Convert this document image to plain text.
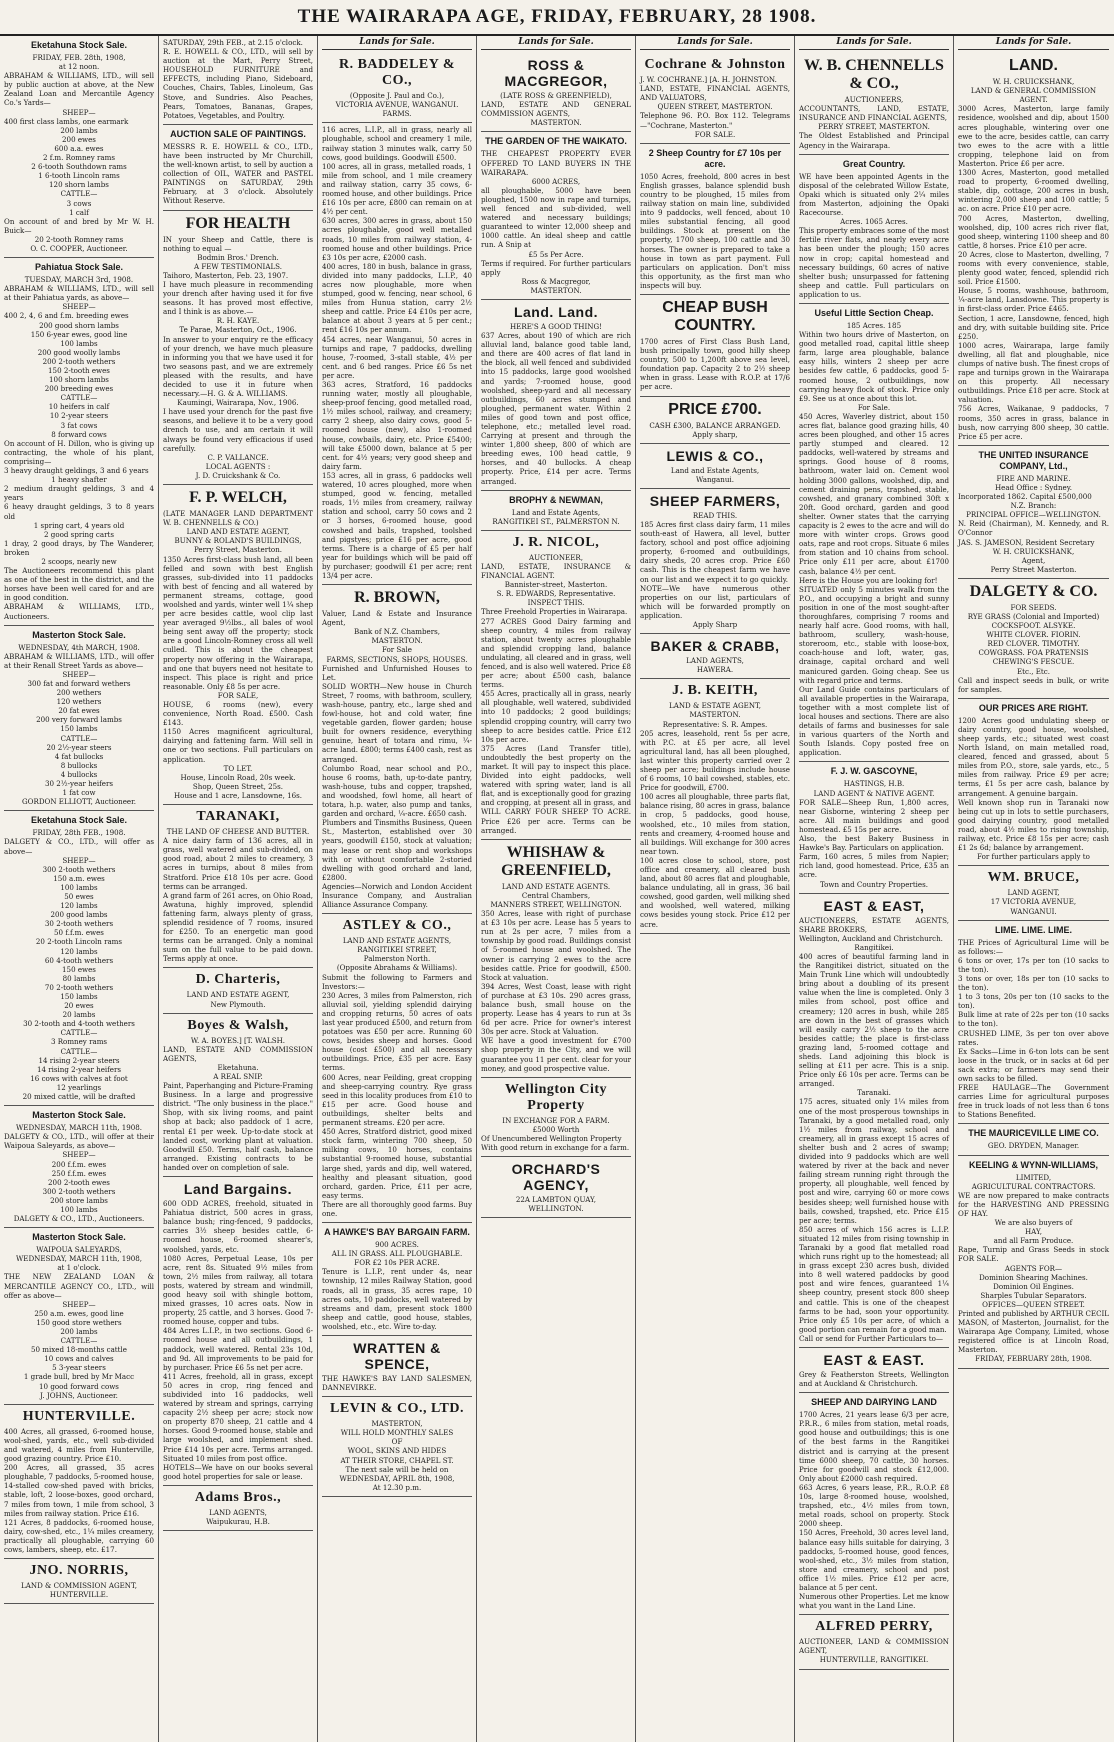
THE WAIRARAPA AGE, FRIDAY, FEBRUARY, 28 1908.
Eketahuna Stock Sale.

FRIDAY, FEB. 28th, 1908,

at 12 noon.

ABRAHAM & WILLIAMS, LTD., will sell by public auction at above, at the New Zealand Loan and Mercantile Agency Co.'s Yards—

SHEEP—

400 first class lambs, one earmark

200 lambs

200 ewes

600 a.a. ewes

2 f.m. Romney rams

2 6-tooth Southdown rams

1 6-tooth Lincoln rams

120 shorn lambs

CATTLE—

3 cows

1 calf

On account of and bred by Mr W. H. Buick—

20 2-tooth Romney rams

O. C. COOPER, Auctioneer.

Pahiatua Stock Sale.

TUESDAY, MARCH 3rd, 1908.

ABRAHAM & WILLIAMS, LTD., will sell at their Pahiatua yards, as above—

SHEEP—

400 2, 4, 6 and f.m. breeding ewes

200 good shorn lambs

150 6-year ewes, good line

100 lambs

200 good woolly lambs

200 2-tooth wethers

150 2-tooth ewes

100 shorn lambs

200 breeding ewes

CATTLE—

10 heifers in calf

10 2-year steers

3 fat cows

8 forward cows

On account of H. Dillon, who is giving up contracting, the whole of his plant, comprising—

3 heavy draught geldings, 3 and 6 years

1 heavy shafter

2 medium draught geldings, 3 and 4 years

6 heavy draught geldings, 3 to 8 years old

1 spring cart, 4 years old

2 good spring carts

1 dray, 2 good drays, by The Wanderer, broken

2 scoops, nearly new

The Auctioneers recommend this plant as one of the best in the district, and the horses have been well cared for and are in good condition.

ABRAHAM & WILLIAMS, LTD., Auctioneers.

Masterton Stock Sale.

WEDNESDAY, 4th MARCH, 1908.

ABRAHAM & WILLIAMS, LTD., will offer at their Renall Street Yards as above—

SHEEP—

300 fat and forward wethers

200 wethers

120 wethers

20 fat ewes

200 very forward lambs

150 lambs

CATTLE—

20 2½-year steers

4 fat bullocks

8 bullocks

4 bullocks

30 2½-year heifers

1 fat cow

GORDON ELLIOTT, Auctioneer.

Eketahuna Stock Sale.

FRIDAY, 28th FEB., 1908.

DALGETY & CO., LTD., will offer as above—

SHEEP—

300 2-tooth wethers

150 a.m. ewes

100 lambs

50 ewes

120 lambs

200 good lambs

30 2-tooth wethers

50 f.f.m. ewes

20 2-tooth Lincoln rams

120 lambs

60 4-tooth wethers

150 ewes

80 lambs

70 2-tooth wethers

150 lambs

20 ewes

20 lambs

30 2-tooth and 4-tooth wethers

CATTLE—

3 Romney rams

CATTLE—

14 rising 2-year steers

14 rising 2-year heifers

16 cows with calves at foot

12 yearlings

20 mixed cattle, will be drafted

Masterton Stock Sale.

WEDNESDAY, MARCH 11th, 1908.

DALGETY & CO., LTD., will offer at their Waipoua Saleyards, as above—

SHEEP—

200 f.f.m. ewes

250 f.f.m. ewes

200 2-tooth ewes

300 2-tooth wethers

200 store lambs

100 lambs

DALGETY & CO., LTD., Auctioneers.

Masterton Stock Sale.

WAIPOUA SALEYARDS,

WEDNESDAY, MARCH 11th, 1908,

at 1 o'clock.

THE NEW ZEALAND LOAN & MERCANTILE AGENCY CO., LTD., will offer as above—

SHEEP—

250 a.m. ewes, good line

150 good store wethers

200 lambs

CATTLE—

50 mixed 18-months cattle

10 cows and calves

5 3-year steers

1 grade bull, bred by Mr Macc

10 good forward cows

J. JOHNS, Auctioneer.

HUNTERVILLE.

400 Acres, all grassed, 6-roomed house, wool-shed, yards, etc., well sub-divided and watered, 4 miles from Hunterville, good grazing country. Price £10.

200 Acres, all grassed, 35 acres ploughable, 7 paddocks, 5-roomed house, 14-stalled cow-shed paved with bricks, stable, loft, 2 loose-boxes, good orchard, 7 miles from town, 1 mile from school, 3 miles from railway station. Price £16.

121 Acres, 8 paddocks, 6-roomed house, dairy, cow-shed, etc., 1¼ miles creamery, practically all ploughable, carrying 60 cows, lambers, sheep, etc. £17.

JNO. NORRIS,

LAND & COMMISSION AGENT,

HUNTERVILLE.

SATURDAY, 29th FEB., at 2.15 o'clock.

R. E. HOWELL & CO., LTD., will sell by auction at the Mart, Perry Street, HOUSEHOLD FURNITURE and EFFECTS, including Piano, Sideboard, Couches, Chairs, Tables, Linoleum, Gas Stove, and Sundries. Also Peaches, Pears, Tomatoes, Bananas, Grapes, Potatoes, Vegetables, and Poultry.

AUCTION SALE OF PAINTINGS.

MESSRS R. E. HOWELL & CO., LTD., have been instructed by Mr Churchill, the well-known artist, to sell by auction a collection of OIL, WATER and PASTEL PAINTINGS on SATURDAY, 29th February, at 3 o'clock. Absolutely Without Reserve.

FOR HEALTH

IN your Sheep and Cattle, there is nothing to equal —

Bodmin Bros.' Drench.

A FEW TESTIMONIALS.

Taihoro, Masterton, Feb. 23, 1907.

I have much pleasure in recommending your drench after having used it for five seasons. It has proved most effective, and I think is as above.—

R. H. KAYE.

Te Parae, Masterton, Oct., 1906.

In answer to your enquiry re the efficacy of your drench, we have much pleasure in informing you that we have used it for two seasons past, and we are extremely pleased with the results, and have decided to use it in future when necessary.—H. G. & A. WILLIAMS.

Kaumingi, Wairarapa, Nov., 1906.

I have used your drench for the past five seasons, and believe it to be a very good drench to use, and am certain it will always be found very efficacious if used carefully.

C. P. VALLANCE.

LOCAL AGENTS :

J. D. Cruickshank & Co.

F. P. WELCH,

(LATE MANAGER LAND DEPARTMENT W. B. CHENNELLS & CO.)

LAND AND ESTATE AGENT,

BUNNY & ROLAND'S BUILDINGS,

Perry Street, Masterton.

1350 Acres first-class bush land, all been felled and sown with best English grasses, sub-divided into 11 paddocks with best of fencing and all watered by permanent streams, cottage, good woolshed and yards, winter well 1¼ shep per acre besides cattle, wool clip last year averaged 9½lbs., all bales of wool being sent away off the property; stock are a good Lincoln-Romney cross all well culled. This is about the cheapest property now offering in the Wairarapa, and one that buyers need not hesitate to inspect. This place is right and price reasonable. Only £8 5s per acre.

FOR SALE,

HOUSE, 6 rooms (new), every convenience, North Road. £500. Cash £143.

1150 Acres magnificent agricultural, dairying and fattening farm. Will sell in one or two sections. Full particulars on application.

TO LET.

House, Lincoln Road, 20s week.

Shop, Queen Street, 25s.

House and 1 acre, Lansdowne, 16s.

TARANAKI,

THE LAND OF CHEESE AND BUTTER.

A nice dairy farm of 136 acres, all in grass, well watered and sub-divided, on good road, about 2 miles to creamery, 3 acres in turnips, about 8 miles from Stratford. Price £18 10s per acre. Good terms can be arranged.

A grand farm of 261 acres, on Ohio Road, Awatuna, highly improved, splendid fattening farm, always plenty of grass, splendid residence of 7 rooms, insured for £250. To an energetic man good terms can be arranged. Only a nominal sum on the full value to be paid down. Terms apply at once.

D. Charteris,

LAND AND ESTATE AGENT,

New Plymouth.

Boyes & Walsh,

W. A. BOYES.] [T. WALSH.

LAND, ESTATE AND COMMISSION AGENTS,

Eketahuna.

A REAL SNIP.

Paint, Paperhanging and Picture-Framing Business. In a large and progressive district. "The only business in the place." Shop, with six living rooms, and paint shop at back; also paddock of 1 acre, rental £1 per week. Up-to-date stock at landed cost, working plant at valuation. Goodwill £50. Terms, half cash, balance arranged. Existing contracts to be handed over on completion of sale.

Land Bargains.

600 ODD ACRES, freehold, situated in Pahiatua district, 500 acres in grass, balance bush; ring-fenced, 9 paddocks, carries 3½ sheep besides cattle, 6-roomed house, 6-roomed shearer's, woolshed, yards, etc.

1080 Acres, Perpetual Lease, 10s per acre, rent 8s. Situated 9½ miles from town, 2½ miles from railway, all totara posts, watered by stream and windmill, good heavy soil with shingle bottom, mixed grasses, 10 acres oats. Now in property, 25 cattle, and 3 horses. Good 7-roomed house, copper and tubs.

484 Acres L.I.P., in two sections. Good 6-roomed house and all outbuildings, 1 paddock, well watered. Rental 23s 10d, and 9d. All improvements to be paid for by purchaser. Price £6 5s net per acre.

411 Acres, freehold, all in grass, except 50 acres in crop, ring fenced and subdivided into 16 paddocks, well watered by stream and springs, carrying capacity 2½ sheep per acre; stock now on property 870 sheep, 21 cattle and 4 horses. Good 9-roomed house, stable and large woolshed, and implement shed. Price £14 10s per acre. Terms arranged. Situated 10 miles from post office.

HOTELS—We have on our books several good hotel properties for sale or lease.

Adams Bros.,

LAND AGENTS,

Waipukurau, H.B.

Lands for Sale.
R. BADDELEY & CO.,

(Opposite J. Paul and Co.),

VICTORIA AVENUE, WANGANUI.

FARMS.

116 acres, L.I.P., all in grass, nearly all ploughable, school and creamery 1 mile, railway station 3 minutes walk, carry 50 cows, good buildings. Goodwill £500.

100 acres, all in grass, metalled roads, 1 mile from school, and 1 mile creamery and railway station, carry 35 cows, 6-roomed house, and other buildings. Price £16 10s per acre, £800 can remain on at 4½ per cent.

630 acres, 300 acres in grass, about 150 acres ploughable, good well metalled roads, 10 miles from railway station, 4-roomed house and other buildings. Price £3 10s per acre, £2000 cash.

400 acres, 180 in bush, balance in grass, divided into many paddocks, L.I.P., 40 acres now ploughable, more when stumped, good w. fencing, near school, 6 miles from Hunua station, carry 2½ sheep and cattle. Price £4 £10s per acre, balance at about 3 years at 5 per cent.; rent £16 10s per annum.

454 acres, near Wanganui, 50 acres in turnips and rape, 7 paddocks, dwelling house, 7-roomed, 3-stall stable, 4½ per cent. and 6 bed ranges. Price £6 5s net per acre.

363 acres, Stratford, 16 paddocks running water, mostly all ploughable, sheep-proof fencing, good metalled road, 1½ miles school, railway, and creamery; carry 2 sheep, also dairy cows, good 5-roomed house (new), also 1-roomed house, cowbails, dairy, etc. Price £5400; will take £5000 down, balance at 5 per cent. for 4½ years; very good sheep and dairy farm.

153 acres, all in grass, 6 paddocks well watered, 10 acres ploughed, more when stumped, good w. fencing, metalled roads, 1½ miles from creamery, railway station and school, carry 50 cows and 2 or 3 horses, 6-roomed house, good cowshed and bails, trapshed, toolshed and pigstyes; price £16 per acre, good terms. There is a charge of £5 per half year for buildings which will be paid off by purchaser; goodwill £1 per acre; rent 13/4 per acre.

R. BROWN,

Valuer, Land & Estate and Insurance Agent,

Bank of N.Z. Chambers,

MASTERTON.

For Sale

FARMS, SECTIONS, SHOPS, HOUSES.

Furnished and Unfurnished Houses to Let.

SOLID WORTH—New house in Church Street, 7 rooms, with bathroom, scullery, wash-house, pantry, etc., large shed and fowl-house, hot and cold water, fine vegetable garden, flower garden; house built for owners residence, everything genuine, heart of totara and rimu, ¼-acre land. £800; terms £400 cash, rest as arranged.

Columbo Road, near school and P.O., house 6 rooms, bath, up-to-date pantry, wash-house, tubs and copper, trapshed, and woodshed, fowl home, all heart of totara, h.p. water, also pump and tanks, garden and orchard, ¼-acre. £650 cash.

Plumbers and Tinsmiths Business, Queen St., Masterton, established over 30 years, goodwill £150, stock at valuation; may lease or rent shop and workshops with or without comfortable 2-storied dwelling with good orchard and land, £2800.

Agencies—Norwich and London Accident Insurance Company, and Australian Alliance Assurance Company.

ASTLEY & CO.,

LAND AND ESTATE AGENTS,

RANGITIKEI STREET,

Palmerston North.

(Opposite Abrahams & Williams).

Submit the following to Farmers and Investors:—

230 Acres, 3 miles from Palmerston, rich alluvial soil, yielding splendid dairying and cropping returns, 50 acres of oats last year produced £500, and return from potatoes was £50 per acre. Running 60 cows, besides sheep and horses. Good house (cost £500) and all necessary outbuildings. Price, £35 per acre. Easy terms.

600 Acres, near Feilding, great cropping and sheep-carrying country. Rye grass seed in this locality produces from £10 to £15 per acre. Good house and outbuildings, shelter belts and permanent streams. £20 per acre.

450 Acres, Stratford district, good mixed stock farm, wintering 700 sheep, 50 milking cows, 10 horses, contains substantial 9-roomed house, substantial large shed, yards and dip, well watered, healthy and pleasant situation, good orchard, garden. Price, £11 per acre, easy terms.

There are all thoroughly good farms. Buy one.

A HAWKE'S BAY BARGAIN FARM.

900 ACRES.

ALL IN GRASS. ALL PLOUGHABLE.

FOR £2 10s PER ACRE.

Tenure is L.I.P., rent under 4s, near township, 12 miles Railway Station, good roads, all in grass, 35 acres rape, 10 acres oats, 10 paddocks, well watered by streams and dam, present stock 1800 sheep and cattle, good house, stables, woolshed, etc., etc. Wire to-day.

WRATTEN & SPENCE,

THE HAWKE'S BAY LAND SALESMEN, DANNEVIRKE.

LEVIN & CO., LTD.

MASTERTON,

WILL HOLD MONTHLY SALES

OF

WOOL, SKINS AND HIDES

AT THEIR STORE, CHAPEL ST.

The next sale will be held on

WEDNESDAY, APRIL 8th, 1908,

At 12.30 p.m.

Lands for Sale.
ROSS & MACGREGOR,

(LATE ROSS & GREENFIELD),

LAND, ESTATE AND GENERAL COMMISSION AGENTS,

MASTERTON.

THE GARDEN OF THE WAIKATO.

THE CHEAPEST PROPERTY EVER OFFERED TO LAND BUYERS IN THE WAIRARAPA.

6000 ACRES,

all ploughable, 5000 have been ploughed, 1500 now in rape and turnips, well fenced and sub-divided, well watered and necessary buildings; guaranteed to winter 12,000 sheep and 1000 cattle. An ideal sheep and cattle run. A Snip at

£5 5s Per Acre.

Terms if required. For further particulars apply

Ross & Macgregor,

MASTERTON.

Land. Land.

HERE'S A GOOD THING!

637 Acres, about 190 of which are rich alluvial land, balance good table land, and there are 400 acres of flat land in the block, all well fenced and subdivided into 15 paddocks, large good woolshed and yards; 7-roomed house, good woolshed, sheep-yard and all necessary outbuildings, 60 acres stumped and ploughed, permanent water. Within 2 miles of good town and post office, telephone, etc.; metalled level road. Carrying at present and through the winter 1,800 sheep, 800 of which are breeding ewes, 100 head cattle, 9 horses, and 40 bullocks. A cheap property. Price, £14 per acre. Terms arranged.

BROPHY & NEWMAN,

Land and Estate Agents,

RANGITIKEI ST., PALMERSTON N.

J. R. NICOL,

AUCTIONEER,

LAND, ESTATE, INSURANCE & FINANCIAL AGENT.

Bannister-street, Masterton.

S. R. EDWARDS, Representative.

INSPECT THIS.

Three Freehold Properties in Wairarapa.

277 ACRES Good Dairy farming and sheep country, 4 miles from railway station, about twenty acres ploughable and splendid cropping land, balance undulating, all cleared and in grass, well fenced, and is also well watered. Price £8 per acre; about £500 cash, balance terms.

455 Acres, practically all in grass, nearly all ploughable, well watered, subdivided into 10 paddocks; 2 good buildings; splendid cropping country, will carry two sheep to acre besides cattle. Price £12 10s per acre.

375 Acres (Land Transfer title), undoubtedly the best property on the market. It will pay to inspect this place. Divided into eight paddocks, well watered with spring water, land is all flat, and is exceptionally good for grazing and cropping, at present all in grass, and WILL CARRY FOUR SHEEP TO ACRE. Price £26 per acre. Terms can be arranged.

WHISHAW & GREENFIELD,

LAND AND ESTATE AGENTS.

Central Chambers,

MANNERS STREET, WELLINGTON.

350 Acres, lease with right of purchase at £3 10s per acre. Lease has 5 years to run at 2s per acre, 7 miles from a township by good road. Buildings consist of 5-roomed house and woolshed. The owner is carrying 2 ewes to the acre besides cattle. Price for goodwill, £500. Stock at valuation.

394 Acres, West Coast, lease with right of purchase at £3 10s. 290 acres grass, balance bush, small house on the property. Lease has 4 years to run at 3s 6d per acre. Price for owner's interest 30s per acre. Stock at Valuation.

WE have a good investment for £700 shop property in the City, and we will guarantee you 11 per cent. clear for your money, and good prospective value.

Wellington City Property

IN EXCHANGE FOR A FARM.

£5000 Worth

Of Unencumbered Wellington Property

With good return in exchange for a farm.

ORCHARD'S AGENCY,

22A LAMBTON QUAY,

WELLINGTON.

Lands for Sale.
Cochrane & Johnston

J. W. COCHRANE.] [A. H. JOHNSTON.

LAND, ESTATE, FINANCIAL AGENTS, AND VALUATORS,

QUEEN STREET, MASTERTON.

Telephone 96. P.O. Box 112. Telegrams—"Cochrane, Masterton."

FOR SALE.

2 Sheep Country for £7 10s per acre.

1050 Acres, freehold, 800 acres in best English grasses, balance splendid bush country to be ploughed, 15 miles from railway station on main line, subdivided into 9 paddocks, well fenced, about 10 miles substantial fencing, all good buildings. Stock at present on the property, 1700 sheep, 100 cattle and 30 horses. The owner is prepared to take a house in town as part payment. Full particulars on application. Don't miss this opportunity, as the first man who inspects will buy.

CHEAP BUSH COUNTRY.

1700 acres of First Class Bush Land, bush principally town, good hilly sheep country, 500 to 1,200ft above sea level, foundation pap. Capacity 2 to 2½ sheep when in grass. Lease with R.O.P. at 17/6 per acre.

PRICE £700.

CASH £300, BALANCE ARRANGED.

Apply sharp,

LEWIS & CO.,

Land and Estate Agents,

Wanganui.

SHEEP FARMERS,

READ THIS.

185 Acres first class dairy farm, 11 miles south-east of Hawera, all level, butter factory, school and post office adjoining property, 6-roomed and outbuildings, dairy sheds, 20 acres crop. Price £60 cash. This is the cheapest farm we have on our list and we expect it to go quickly.

NOTE—We have numerous other properties on our list, particulars of which will be forwarded promptly on application.

Apply Sharp

BAKER & CRABB,

LAND AGENTS,

HAWERA.

J. B. KEITH,

LAND & ESTATE AGENT,

MASTERTON.

Representative: S. R. Ampes.

205 acres, leasehold, rent 5s per acre, with P.C. at £5 per acre, all level agricultural land, has all been ploughed, last winter this property carried over 2 sheep per acre; buildings include house of 6 rooms, 10 bail cowshed, stables, etc. Price for goodwill, £700.

100 acres all ploughable, three parts flat, balance rising, 80 acres in grass, balance in crop, 5 paddocks, good house, woolshed, etc., 10 miles from station, rents and creamery, 4-roomed house and all buildings. Will exchange for 300 acres near town.

100 acres close to school, store, post office and creamery, all cleared bush land, about 80 acres flat and ploughable, balance undulating, all in grass, 36 bail cowshed, good garden, well milking shed and woolshed, well watered, milking cows besides young stock. Price £12 per acre.

Lands for Sale.
W. B. CHENNELLS & CO.,

AUCTIONEERS,

ACCOUNTANTS, LAND, ESTATE, INSURANCE AND FINANCIAL AGENTS,

PERRY STREET, MASTERTON.

The Oldest Established and Principal Agency in the Wairarapa.

Great Country.

WE have been appointed Agents in the disposal of the celebrated Willow Estate, Opaki which is situated only 2¼ miles from Masterton, adjoining the Opaki Racecourse.

Acres. 1065 Acres.

This property embraces some of the most fertile river flats, and nearly every acre has been under the plough; 150 acres now in crop; capital homestead and necessary buildings, 60 acres of native shelter bush; unsurpassed for fattening sheep and cattle. Full particulars on application to us.

Useful Little Section Cheap.

185 Acres. 185

Within two hours drive of Masterton, on good metalled road, capital little sheep farm, large area ploughable, balance easy hills, winters 2 sheep per acre besides few cattle, 6 paddocks, good 5-roomed house, 2 outbuildings, now carrying heavy flock of stock. Price only £9. See us at once about this lot.

For Sale.

450 Acres, Waverley district, about 150 acres flat, balance good grazing hills, 40 acres been ploughed, and other 15 acres partly stumped and cleared. 12 paddocks, well-watered by streams and springs. Good house of 8 rooms, bathroom, water laid on. Cement wool holding 3000 gallons, woolshed, dip, and cement draining pens, trapshed, stable, cowshed, and granary combined 30ft x 20ft. Good orchard, garden and good shelter. Owner states that the carrying capacity is 2 ewes to the acre and will do more with winter crops. Grows good oats, rape and root crops. Situate 6 miles from station and 10 chains from school. Price only £11 per acre, about £1700 cash, balance 4½ per cent.

Here is the House you are looking for!

SITUATED only 5 minutes walk from the P.O., and occupying a bright and sunny position in one of the most sought-after thoroughfares, comprising 7 rooms and nearly half acre. Good rooms, with hall, bathroom, scullery, wash-house, storeroom, etc., stable with loose-box, coach-house and loft, water, gas, drainage, capital orchard and well manicured garden. Going cheap. See us with regard price and terms.

Our Land Guide contains particulars of all available properties in the Wairarapa, together with a most complete list of local houses and sections. There are also details of farms and businesses for sale in various quarters of the North and South Islands. Copy posted free on application.

F. J. W. GASCOYNE,

HASTINGS, H.B.

LAND AGENT & NATIVE AGENT.

FOR SALE—Sheep Run, 1,800 acres, near Gisborne, wintering 2 sheep per acre. All main buildings and good homestead. £5 15s per acre.

Also, the best Bakery Business in Hawke's Bay. Particulars on application.

Farm, 160 acres, 5 miles from Napier; rich land, good homestead. Price, £35 an acre.

Town and Country Properties.

EAST & EAST,

AUCTIONEERS, ESTATE AGENTS, SHARE BROKERS,

Wellington, Auckland and Christchurch.

Rangitikei.

400 acres of beautiful farming land in the Rangitikei district, situated on the Main Trunk Line which will undoubtedly bring about a doubling of its present value when the line is completed. Only 3 miles from school, post office and creamery; 120 acres in bush, while 285 are down in the best of grasses which will easily carry 2½ sheep to the acre besides cattle; the place is first-class grazing land, 5-roomed cottage and sheds. Land adjoining this block is selling at £11 per acre. This is a snip. Price only £6 10s per acre. Terms can be arranged.

Taranaki.

175 acres, situated only 1¼ miles from one of the most prosperous townships in Taranaki, by a good metalled road, only 1½ miles from railway, school and creamery, all in grass except 15 acres of shelter bush and 2 acres of swamp; divided into 9 paddocks which are well watered by river at the back and never failing stream running right through the property, all ploughable, well fenced by post and wire, carrying 60 or more cows besides sheep; well furnished house with bails, cowshed, trapshed, etc. Price £15 per acre; terms.

850 acres of which 156 acres is L.I.P. situated 12 miles from rising township in Taranaki by a good flat metalled road which runs right up to the homestead; all in grass except 230 acres bush, divided into 8 well watered paddocks by good post and wire fences, guaranteed 1¼ sheep country, present stock 800 sheep and cattle. This is one of the cheapest farms to be had, soon your opportunity. Price only £5 10s per acre, of which a good portion can remain for a good man.

Call or send for Further Particulars to—

EAST & EAST.

Grey & Featherston Streets, Wellington and at Auckland & Christchurch.

SHEEP AND DAIRYING LAND

1700 Acres, 21 years lease 6/3 per acre, P.R.R., 6 miles from station, metal roads, good house and outbuildings; this is one of the best farms in the Rangitikei district and is carrying at the present time 6000 sheep, 70 cattle, 30 horses. Price for goodwill and stock £12,000. Only about £2000 cash required.

663 Acres, 6 years lease, P.R., R.O.P. £8 10s, large 8-roomed house, woolshed, trapshed, etc., 4½ miles from town, metal roads, school on property. Stock 2000 sheep.

150 Acres, Freehold, 30 acres level land, balance easy hills suitable for dairying, 3 paddocks, 5-roomed house, good fences, wool-shed, etc., 3½ miles from station, store and creamery, school and post office 1½ miles. Price £12 per acre, balance at 5 per cent.

Numerous other Properties. Let me know what you want in the Land Line.

ALFRED PERRY,

AUCTIONEER, LAND & COMMISSION AGENT,

HUNTERVILLE, RANGITIKEI.

Lands for Sale.
LAND.

W. H. CRUICKSHANK,

LAND & GENERAL COMMISSION AGENT.

3000 Acres, Masterton, large family residence, woolshed and dip, about 1500 acres ploughable, wintering over one ewe to the acre, besides cattle, can carry two ewes to the acre with a little cropping, telephone laid on from Masterton. Price £6 per acre.

1300 Acres, Masterton, good metalled road to property, 6-roomed dwelling, stable, dip, cottage, 200 acres in bush, wintering 2,000 sheep and 100 cattle; 5 ac. on acre. Price £10 per acre.

700 Acres, Masterton, dwelling, woolshed, dip, 100 acres rich river flat, good sheep, wintering 1100 sheep and 80 cattle, 8 horses. Price £10 per acre.

20 Acres, close to Masterton, dwelling, 7 rooms with every convenience, stable, plenty good water, fenced, splendid rich soil. Price £1500.

House, 5 rooms, washhouse, bathroom, ¼-acre land, Lansdowne. This property is in first-class order. Price £465.

Section, 1 acre, Lansdowne, fenced, high and dry, with suitable building site. Price £250.

1000 acres, Wairarapa, large family dwelling, all flat and ploughable, nice clumps of native bush. The finest crops of rape and turnips grown in the Wairarapa on this property. All necessary outbuildings. Price £18 per acre. Stock at valuation.

756 Acres, Waikanae, 9 paddocks, 7 rooms, 350 acres in grass, balance in bush, now carrying 800 sheep, 30 cattle. Price £5 per acre.

THE UNITED INSURANCE COMPANY, Ltd.,

FIRE AND MARINE.

Head Office : Sydney.

Incorporated 1862. Capital £500,000

N.Z. Branch:

PRINCIPAL OFFICE—WELLINGTON.

N. Reid (Chairman), M. Kennedy, and R. O'Connor

JAS. S. JAMESON, Resident Secretary

W. H. CRUICKSHANK,

Agent,

Perry Street Masterton.

DALGETY & CO.

FOR SEEDS.

RYE GRASS (Colonial and Imported)

COCKSFOOT. ALSYKE.

WHITE CLOVER. FIORIN.

RED CLOVER. TIMOTHY.

COWGRASS. FOA PRATENSIS

CHEWING'S FESCUE.

Etc., Etc.

Call and inspect seeds in bulk, or write for samples.

OUR PRICES ARE RIGHT.

1200 Acres good undulating sheep or dairy country, good house, woolshed, sheep yards, etc.; situated west coast North Island, on main metalled road, cleared, fenced and grassed, about 5 miles from P.O., store, sale yards, etc., 5 miles from railway. Price £9 per acre; terms, £1 5s per acre cash, balance by arrangement. A genuine bargain.

Well known shop run in Taranaki now being cut up in lots to settle purchasers, good dairying country, good metalled road, about 4½ miles to rising township, railway, etc. Price £8 15s per acre; cash £1 2s 6d; balance by arrangement.

For further particulars apply to

WM. BRUCE,

LAND AGENT,

17 VICTORIA AVENUE,

WANGANUI.

LIME. LIME. LIME.

THE Prices of Agricultural Lime will be as follows:—

6 tons or over, 17s per ton (10 sacks to the ton).

3 tons or over, 18s per ton (10 sacks to the ton).

1 to 3 tons, 20s per ton (10 sacks to the ton).

Bulk lime at rate of 22s per ton (10 sacks to the ton).

CRUSHED LIME, 3s per ton over above rates.

Ex Sacks—Lime in 6-ton lots can be sent loose in the truck, or in sacks at 6d per sack extra; or farmers may send their own sacks to be filled.

FREE HAULAGE—The Government carries Lime for agricultural purposes free in truck loads of not less than 6 tons to Stations Benefited.

THE MAURICEVILLE LIME CO.

GEO. DRYDEN, Manager.

KEELING & WYNN-WILLIAMS,

LIMITED,

AGRICULTURAL CONTRACTORS.

WE are now prepared to make contracts for the HARVESTING AND PRESSING OF HAY.

We are also buyers of

HAY,

and all Farm Produce.

Rape, Turnip and Grass Seeds in stock FOR SALE.

AGENTS FOR—

Dominion Shearing Machines.

Dominion Oil Engines.

Sharples Tubular Separators.

OFFICES—QUEEN STREET.

Printed and published by ARTHUR CECIL MASON, of Masterton, Journalist, for the Wairarapa Age Company, Limited, whose registered office is at Lincoln Road, Masterton.

FRIDAY, FEBRUARY 28th, 1908.
